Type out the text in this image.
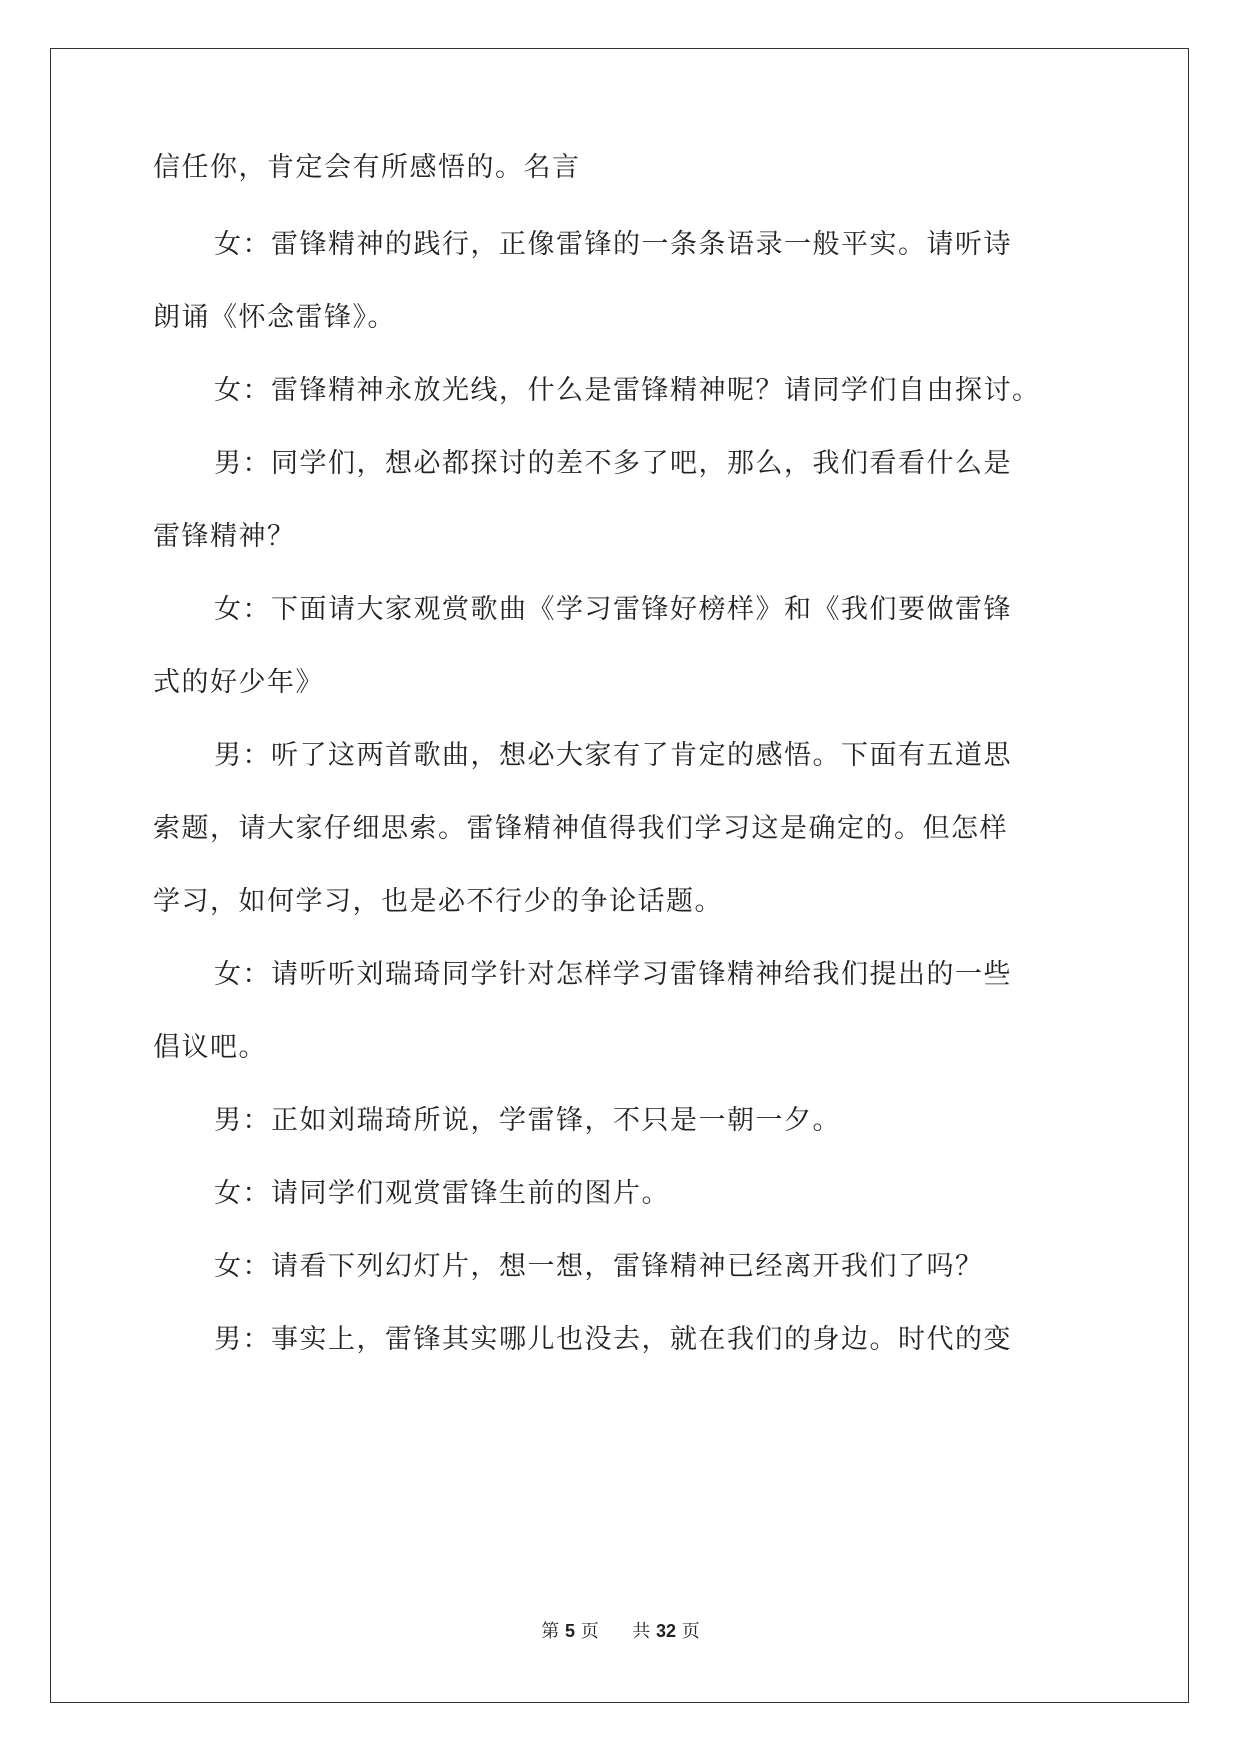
信任你，肯定会有所感悟的。名言
女：雷锋精神的践行，正像雷锋的一条条语录一般平实。请听诗
朗诵《怀念雷锋》。
女：雷锋精神永放光线，什么是雷锋精神呢？请同学们自由探讨。
男：同学们，想必都探讨的差不多了吧，那么，我们看看什么是
雷锋精神？
女：下面请大家观赏歌曲《学习雷锋好榜样》和《我们要做雷锋
式的好少年》
男：听了这两首歌曲，想必大家有了肯定的感悟。下面有五道思
索题，请大家仔细思索。雷锋精神值得我们学习这是确定的。但怎样
学习，如何学习，也是必不行少的争论话题。
女：请听听刘瑞琦同学针对怎样学习雷锋精神给我们提出的一些
倡议吧。
男：正如刘瑞琦所说，学雷锋，不只是一朝一夕。
女：请同学们观赏雷锋生前的图片。
女：请看下列幻灯片，想一想，雷锋精神已经离开我们了吗？
男：事实上，雷锋其实哪儿也没去，就在我们的身边。时代的变
第 5 页 共 32 页
